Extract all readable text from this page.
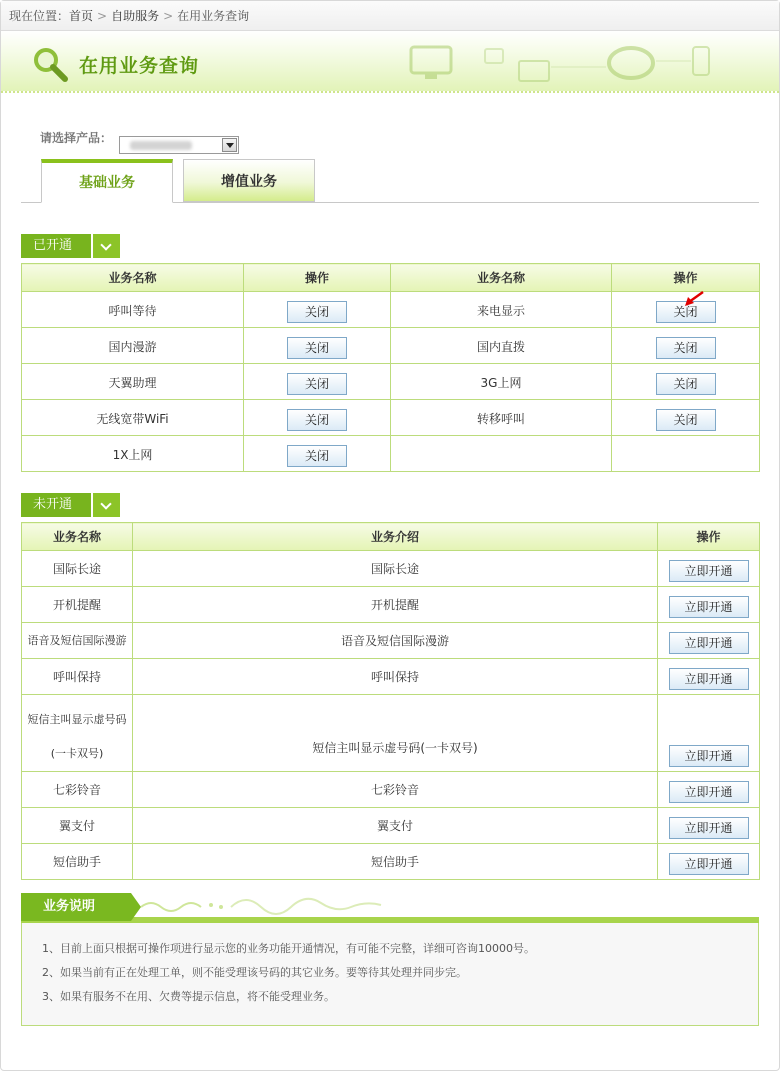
现在位置：首页 > 自助服务 > 在用业务查询
在用业务查询
请选择产品：
增值业务
基础业务
已开通
业务名称	操作	业务名称	操作
呼叫等待	关闭	来电显示	关闭
国内漫游	关闭	国内直拨	关闭
天翼助理	关闭	3G上网	关闭
无线宽带WiFi	关闭	转移呼叫	关闭
1X上网	关闭		
未开通
业务名称	业务介绍	操作
国际长途	国际长途	立即开通
开机提醒	开机提醒	立即开通
语音及短信国际漫游	语音及短信国际漫游	立即开通
呼叫保持	呼叫保持	立即开通

短信主叫显示虚号码
(一卡双号)	短信主叫显示虚号码(一卡双号)	立即开通
七彩铃音	七彩铃音	立即开通
翼支付	翼支付	立即开通
短信助手	短信助手	立即开通
业务说明

1、目前上面只根据可操作项进行显示您的业务功能开通情况，有可能不完整，详细可咨询10000号。

2、如果当前有正在处理工单，则不能受理该号码的其它业务。要等待其处理并同步完。

3、如果有服务不在用、欠费等提示信息，将不能受理业务。
